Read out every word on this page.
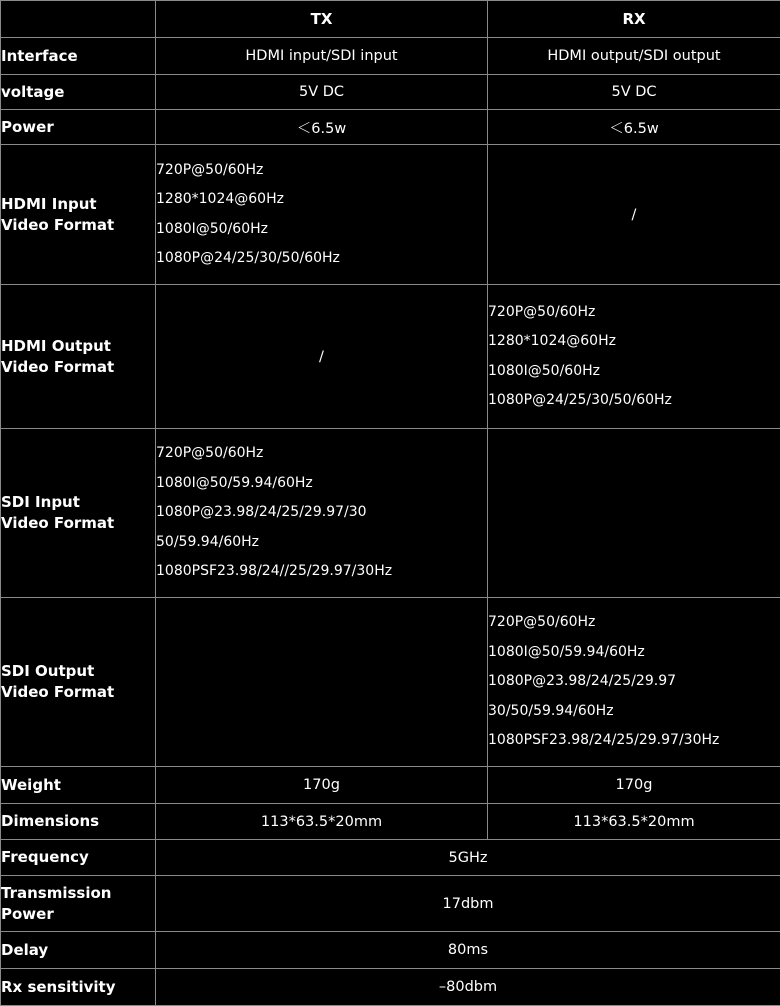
	TX	RX
Interface	HDMI input/SDI input	HDMI output/SDI output
voltage	5V DC	5V DC
Power	＜6.5w	＜6.5w

HDMI Input
Video Format	720P@50/60Hz
1280*1024@60Hz
1080I@50/60Hz
1080P@24/25/30/50/60Hz	/

HDMI Output
Video Format	/	720P@50/60Hz
1280*1024@60Hz
1080I@50/60Hz
1080P@24/25/30/50/60Hz

SDI Input
Video Format	720P@50/60Hz
1080I@50/59.94/60Hz
1080P@23.98/24/25/29.97/30
50/59.94/60Hz
1080PSF23.98/24//25/29.97/30Hz	

SDI Output
Video Format		720P@50/60Hz
1080I@50/59.94/60Hz
1080P@23.98/24/25/29.97
30/50/59.94/60Hz
1080PSF23.98/24/25/29.97/30Hz

Weight	170g	170g
Dimensions	113*63.5*20mm	113*63.5*20mm
Frequency	5GHz	

Transmission
Power	17dbm	
Delay	80ms	
Rx sensitivity	–80dbm	
